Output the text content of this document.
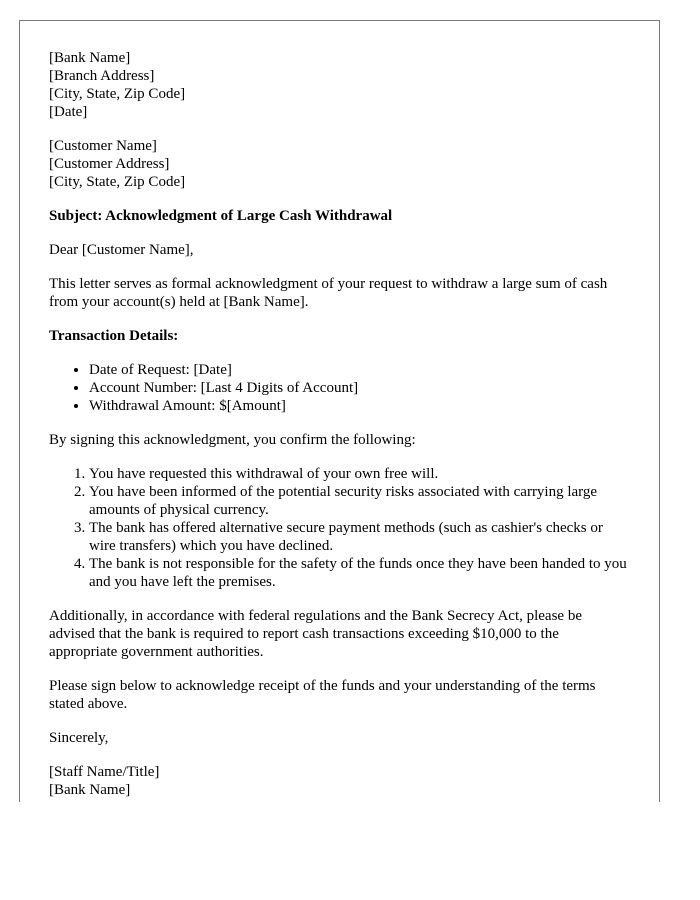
[Bank Name]
[Branch Address]
[City, State, Zip Code]
[Date]
[Customer Name]
[Customer Address]
[City, State, Zip Code]
Subject: Acknowledgment of Large Cash Withdrawal
Dear [Customer Name],
This letter serves as formal acknowledgment of your request to withdraw a large sum of cash from your account(s) held at [Bank Name].
Transaction Details:
• Date of Request: [Date]
• Account Number: [Last 4 Digits of Account]
• Withdrawal Amount: $[Amount]
By signing this acknowledgment, you confirm the following:
1. You have requested this withdrawal of your own free will.
2. You have been informed of the potential security risks associated with carrying large amounts of physical currency.
3. The bank has offered alternative secure payment methods (such as cashier's checks or wire transfers) which you have declined.
4. The bank is not responsible for the safety of the funds once they have been handed to you and you have left the premises.
Additionally, in accordance with federal regulations and the Bank Secrecy Act, please be advised that the bank is required to report cash transactions exceeding $10,000 to the appropriate government authorities.
Please sign below to acknowledge receipt of the funds and your understanding of the terms stated above.
Sincerely,
[Staff Name/Title]
[Bank Name]
